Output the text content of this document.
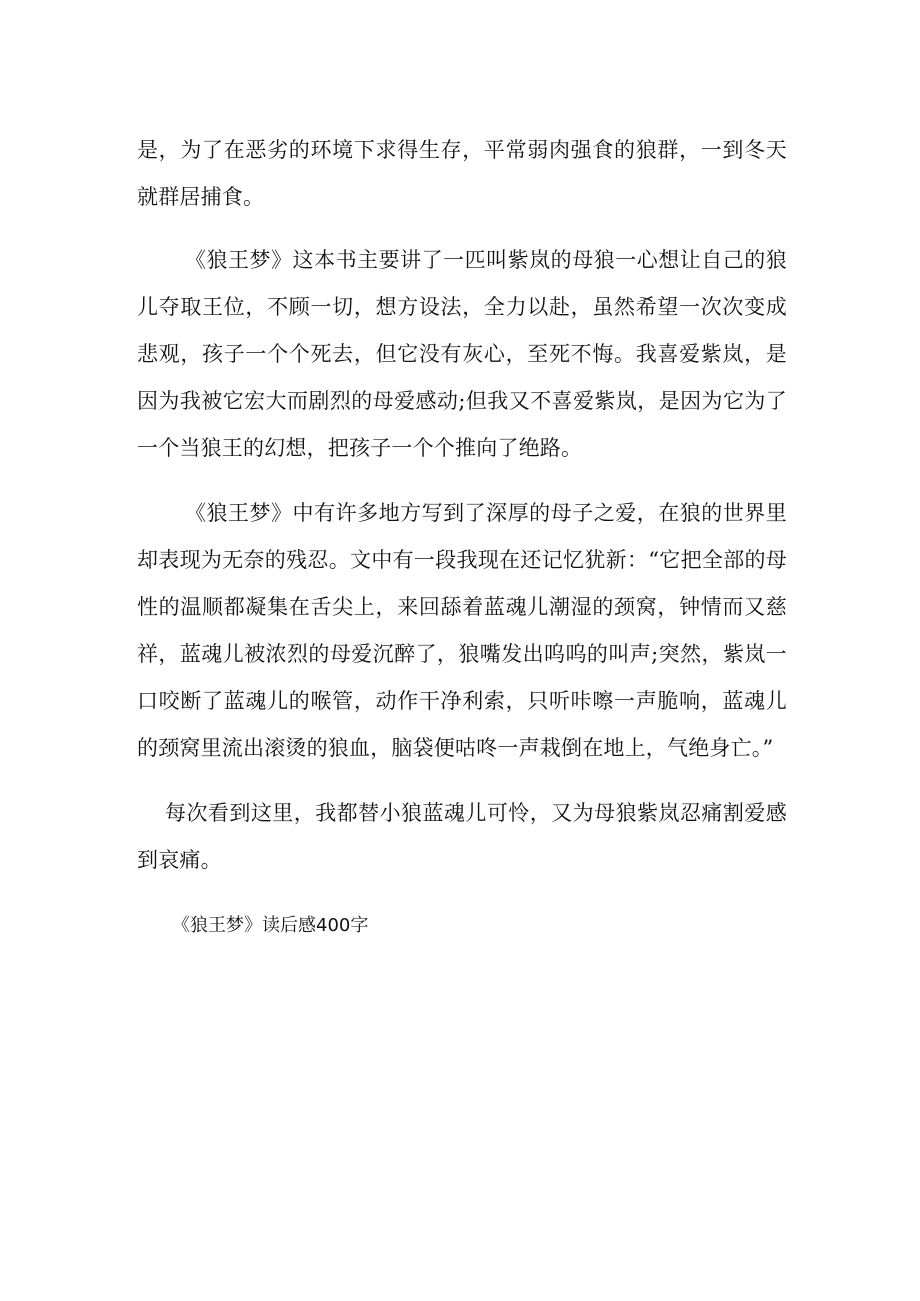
是，为了在恶劣的环境下求得生存，平常弱肉强食的狼群，一到冬天就群居捕食。

《狼王梦》这本书主要讲了一匹叫紫岚的母狼一心想让自己的狼儿夺取王位，不顾一切，想方设法，全力以赴，虽然希望一次次变成悲观，孩子一个个死去，但它没有灰心，至死不悔。我喜爱紫岚，是因为我被它宏大而剧烈的母爱感动;但我又不喜爱紫岚，是因为它为了一个当狼王的幻想，把孩子一个个推向了绝路。

《狼王梦》中有许多地方写到了深厚的母子之爱，在狼的世界里却表现为无奈的残忍。文中有一段我现在还记忆犹新：“它把全部的母性的温顺都凝集在舌尖上，来回舔着蓝魂儿潮湿的颈窝，钟情而又慈祥，蓝魂儿被浓烈的母爱沉醉了，狼嘴发出呜呜的叫声;突然，紫岚一口咬断了蓝魂儿的喉管，动作干净利索，只听咔嚓一声脆响，蓝魂儿的颈窝里流出滚烫的狼血，脑袋便咕咚一声栽倒在地上，气绝身亡。”

每次看到这里，我都替小狼蓝魂儿可怜，又为母狼紫岚忍痛割爱感到哀痛。

《狼王梦》读后感400字
